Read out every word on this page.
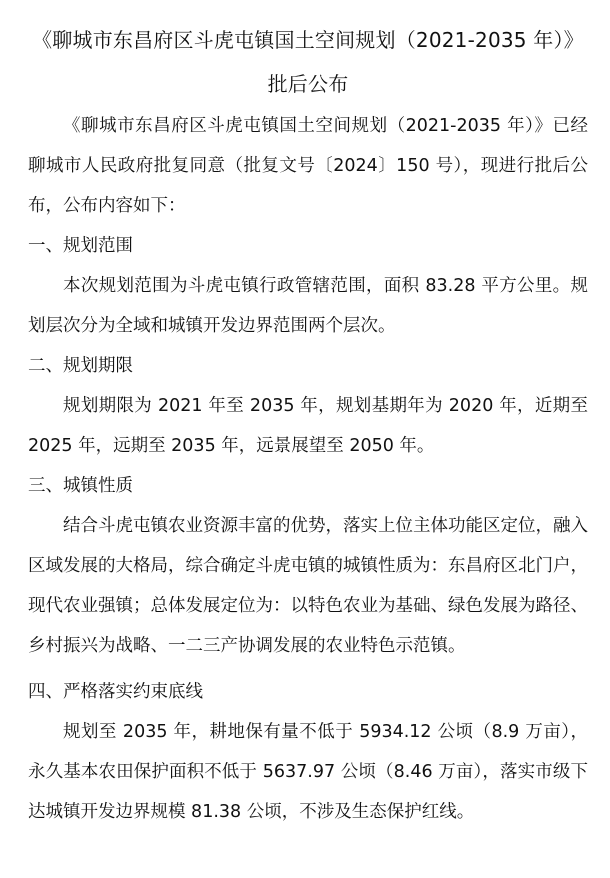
《聊城市东昌府区斗虎屯镇国土空间规划（2021-2035 年）》
批后公布

《聊城市东昌府区斗虎屯镇国土空间规划（2021-2035 年）》已经聊城市人民政府批复同意（批复文号〔2024〕150 号），现进行批后公布，公布内容如下：

一、规划范围

本次规划范围为斗虎屯镇行政管辖范围，面积 83.28 平方公里。规划层次分为全域和城镇开发边界范围两个层次。

二、规划期限

规划期限为 2021 年至 2035 年，规划基期年为 2020 年，近期至 2025 年，远期至 2035 年，远景展望至 2050 年。

三、城镇性质

结合斗虎屯镇农业资源丰富的优势，落实上位主体功能区定位，融入区域发展的大格局，综合确定斗虎屯镇的城镇性质为：东昌府区北门户，现代农业强镇；总体发展定位为：以特色农业为基础、绿色发展为路径、乡村振兴为战略、一二三产协调发展的农业特色示范镇。

四、严格落实约束底线

规划至 2035 年，耕地保有量不低于 5934.12 公顷（8.9 万亩），永久基本农田保护面积不低于 5637.97 公顷（8.46 万亩），落实市级下达城镇开发边界规模 81.38 公顷，不涉及生态保护红线。
